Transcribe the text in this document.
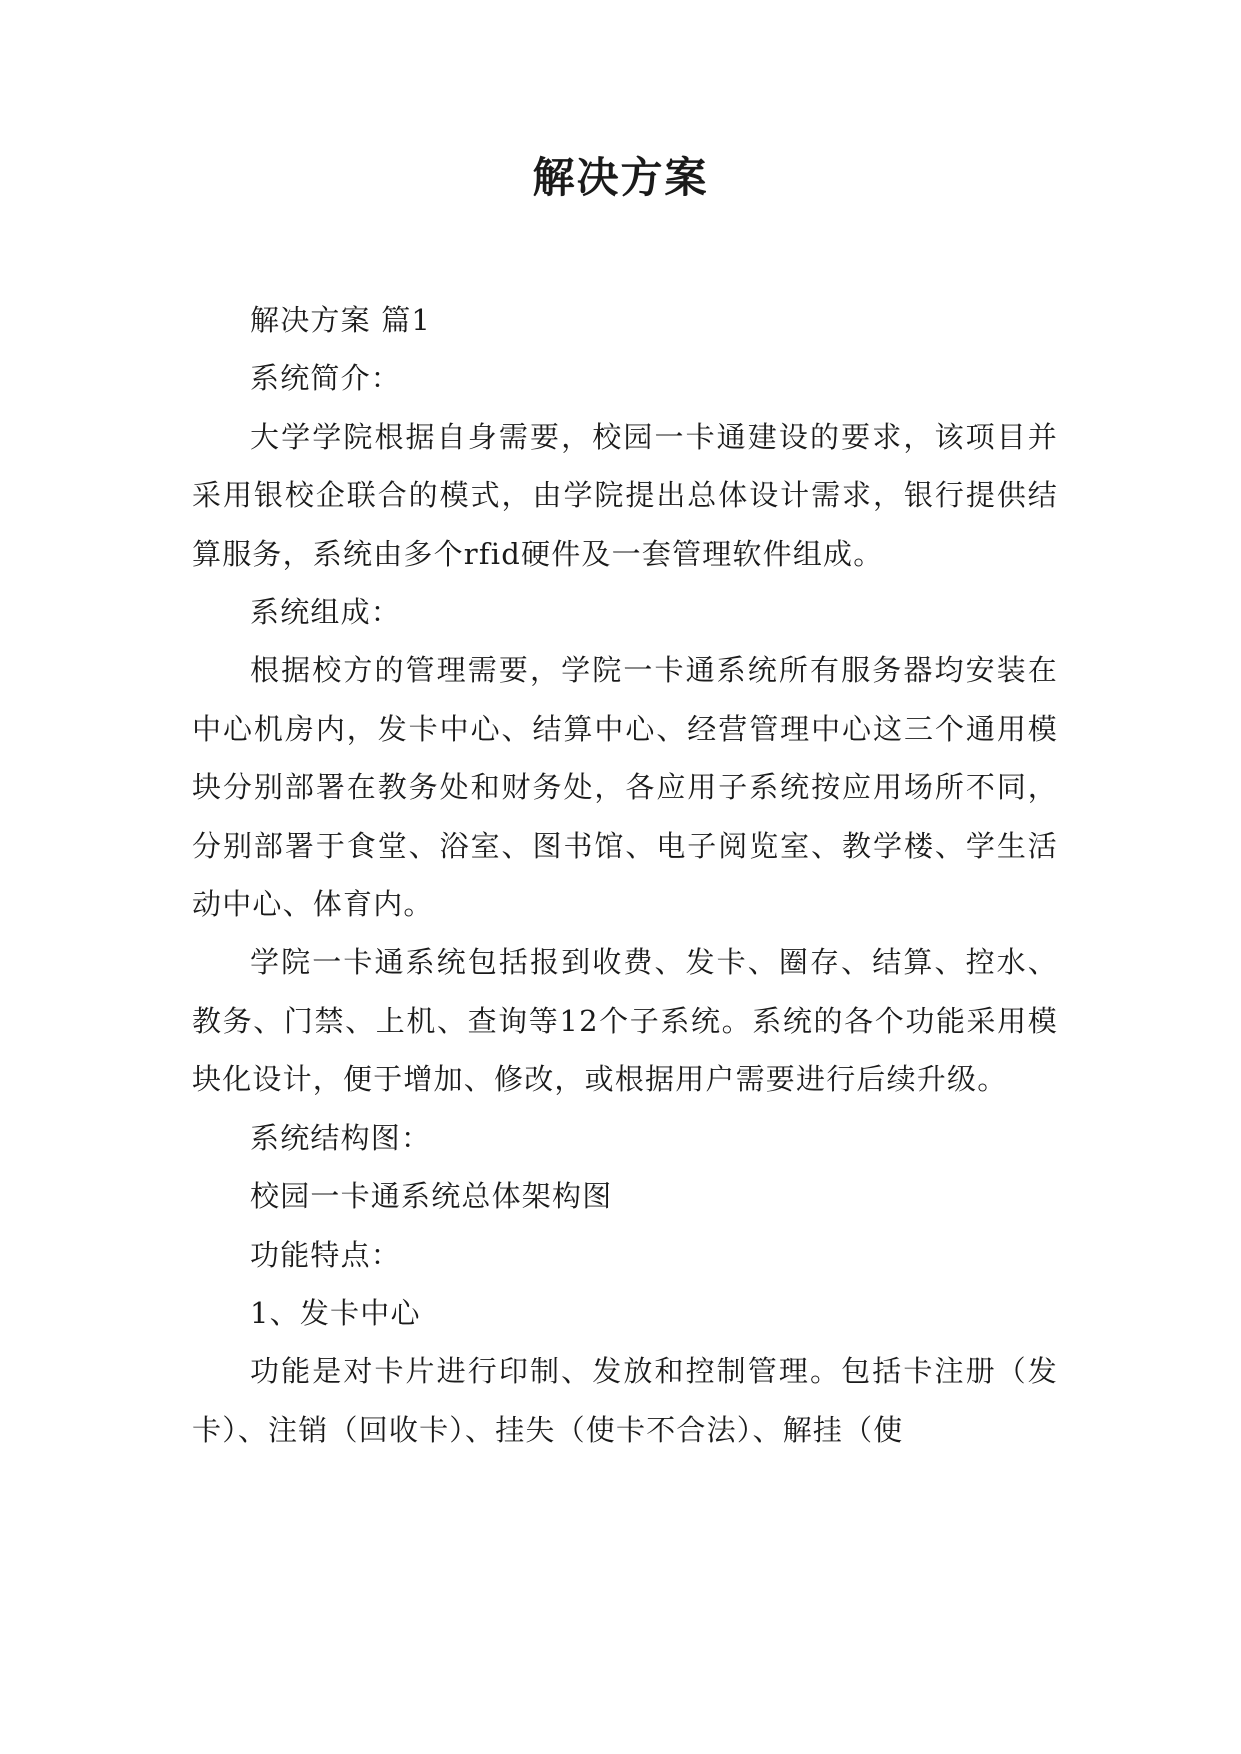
解决方案

解决方案 篇1

系统简介：

大学学院根据自身需要，校园一卡通建设的要求，该项目并采用银校企联合的模式，由学院提出总体设计需求，银行提供结算服务，系统由多个rfid硬件及一套管理软件组成。

系统组成：

根据校方的管理需要，学院一卡通系统所有服务器均安装在中心机房内，发卡中心、结算中心、经营管理中心这三个通用模块分别部署在教务处和财务处，各应用子系统按应用场所不同，分别部署于食堂、浴室、图书馆、电子阅览室、教学楼、学生活动中心、体育内。

学院一卡通系统包括报到收费、发卡、圈存、结算、控水、教务、门禁、上机、查询等12个子系统。系统的各个功能采用模块化设计，便于增加、修改，或根据用户需要进行后续升级。

系统结构图：

校园一卡通系统总体架构图

功能特点：

1、发卡中心

功能是对卡片进行印制、发放和控制管理。包括卡注册（发卡）、注销（回收卡）、挂失（使卡不合法）、解挂（使
